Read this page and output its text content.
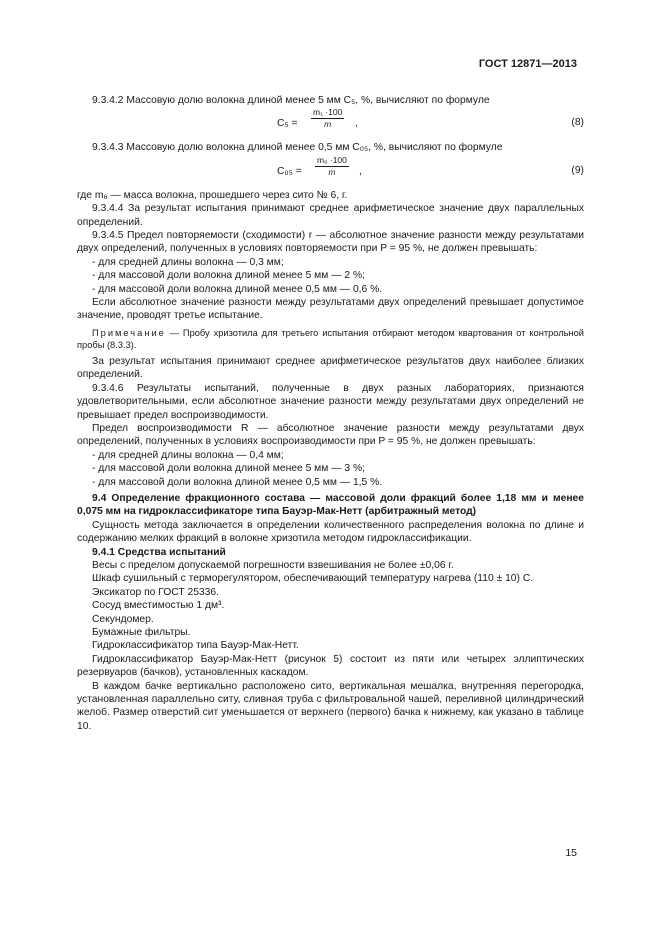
ГОСТ 12871—2013

9.3.4.2 Массовую долю волокна длиной менее 5 мм C₅, %, вычисляют по формуле

$C_5 = \frac{\text{m₁ ·100}}{m}$ ,	(8)

9.3.4.3 Массовую долю волокна длиной менее 0,5 мм C₀₅, %, вычисляют по формуле

$C_{05} = \frac{\text{m₆ ·100}}{m}$ ,	(9)

где m₆ — масса волокна, прошедшего через сито № 6, г.

9.3.4.4 За результат испытания принимают среднее арифметическое значение двух параллельных определений.

9.3.4.5 Предел повторяемости (сходимости) r — абсолютное значение разности между результатами двух определений, полученных в условиях повторяемости при P = 95 %, не должен превышать:

- для средней длины волокна — 0,3 мм;

- для массовой доли волокна длиной менее 5 мм — 2 %;

- для массовой доли волокна длиной менее 0,5 мм — 0,6 %.

Если абсолютное значение разности между результатами двух определений превышает допустимое значение, проводят третье испытание.

Примечание — Пробу хризотила для третьего испытания отбирают методом квартования от контрольной пробы (8.3.3).

За результат испытания принимают среднее арифметическое результатов двух наиболее близких определений.

9.3.4.6 Результаты испытаний, полученные в двух разных лабораториях, признаются удовлетворительными, если абсолютное значение разности между результатами двух определений не превышает предел воспроизводимости.

Предел воспроизводимости R — абсолютное значение разности между результатами двух определений, полученных в условиях воспроизводимости при P = 95 %, не должен превышать:

- для средней длины волокна — 0,4 мм;

- для массовой доли волокна длиной менее 5 мм — 3 %;

- для массовой доли волокна длиной менее 0,5 мм — 1,5 %.

9.4 Определение фракционного состава — массовой доли фракций более 1,18 мм и менее 0,075 мм на гидроклассификаторе типа Бауэр-Мак-Нетт (арбитражный метод)

Сущность метода заключается в определении количественного распределения волокна по длине и содержанию мелких фракций в волокне хризотила методом гидроклассификации.

9.4.1 Средства испытаний

Весы с пределом допускаемой погрешности взвешивания не более ±0,06 г.

Шкаф сушильный с терморегулятором, обеспечивающий температуру нагрева (110 ± 10) С.

Эксикатор по ГОСТ 25336.

Сосуд вместимостью 1 дм³.

Секундомер.

Бумажные фильтры.

Гидроклассификатор типа Бауэр-Мак-Нетт.

Гидроклассификатор Бауэр-Мак-Нетт (рисунок 5) состоит из пяти или четырех эллиптических резервуаров (бачков), установленных каскадом.

В каждом бачке вертикально расположено сито, вертикальная мешалка, внутренняя перегородка, установленная параллельно ситу, сливная труба с фильтровальной чашей, переливной цилиндрический желоб. Размер отверстий сит уменьшается от верхнего (первого) бачка к нижнему, как указано в таблице 10.

15
